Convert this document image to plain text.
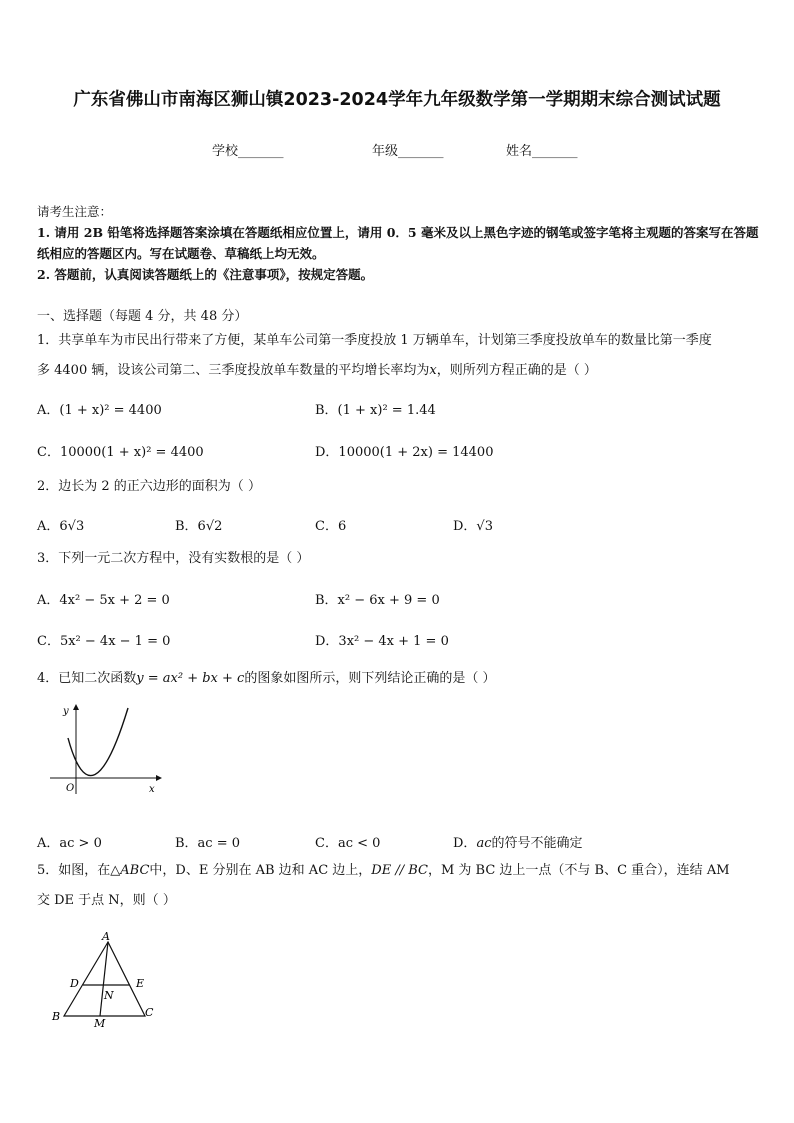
广东省佛山市南海区狮山镇2023-2024学年九年级数学第一学期期末综合测试试题
学校_______	年级_______	姓名_______
请考生注意：
1. 请用 2B 铅笔将选择题答案涂填在答题纸相应位置上，请用 0．5 毫米及以上黑色字迹的钢笔或签字笔将主观题的答案写在答题纸相应的答题区内。写在试题卷、草稿纸上均无效。
2. 答题前，认真阅读答题纸上的《注意事项》，按规定答题。
一、选择题（每题 4 分，共 48 分）
1．共享单车为市民出行带来了方便，某单车公司第一季度投放 1 万辆单车，计划第三季度投放单车的数量比第一季度
多 4400 辆，设该公司第二、三季度投放单车数量的平均增长率均为x，则所列方程正确的是（ ）
A．(1 + x)² = 4400	B．(1 + x)² = 1.44
C．10000(1 + x)² = 4400	D．10000(1 + 2x) = 14400
2．边长为 2 的正六边形的面积为（ ）
A．6√3	B．6√2	C．6	D．√3
3．下列一元二次方程中，没有实数根的是（ ）
A．4x² − 5x + 2 = 0	B．x² − 6x + 9 = 0
C．5x² − 4x − 1 = 0	D．3x² − 4x + 1 = 0
4．已知二次函数y = ax² + bx + c的图象如图所示，则下列结论正确的是（ ）
y
x
O
A．ac > 0	B．ac = 0	C．ac < 0	D．ac的符号不能确定
5．如图，在△ABC中，D、E 分别在 AB 边和 AC 边上，DE // BC，M 为 BC 边上一点（不与 B、C 重合），连结 AM
交 DE 于点 N，则（ ）
A
B	C
D	E
N
M
